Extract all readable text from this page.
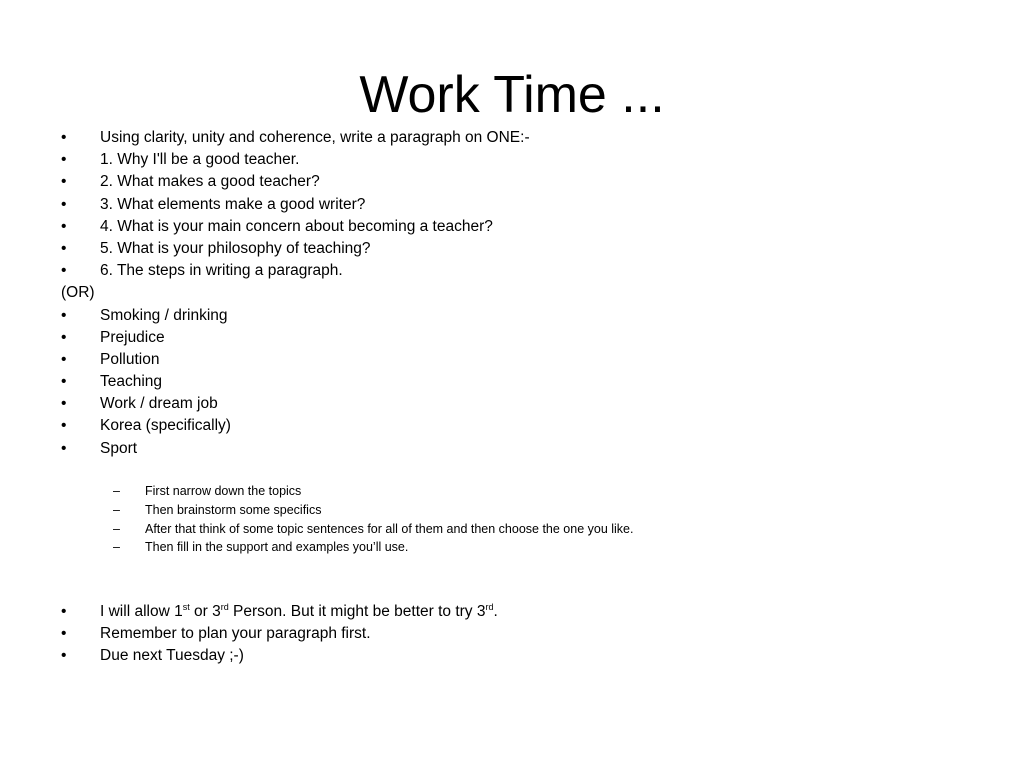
Work Time ...
• Using clarity, unity and coherence, write a paragraph on ONE:-
• 1. Why I'll be a good teacher.
• 2. What makes a good teacher?
• 3. What elements make a good writer?
• 4. What is your main concern about becoming a teacher?
• 5. What is your philosophy of teaching?
• 6. The steps in writing a paragraph.
(OR)
• Smoking / drinking
• Prejudice
• Pollution
• Teaching
• Work / dream job
• Korea (specifically)
• Sport
– First narrow down the topics
– Then brainstorm some specifics
– After that think of some topic sentences for all of them and then choose the one you like.
– Then fill in the support and examples you’ll use.
• I will allow 1st or 3rd Person. But it might be better to try 3rd.
• Remember to plan your paragraph first.
• Due next Tuesday ;-)
